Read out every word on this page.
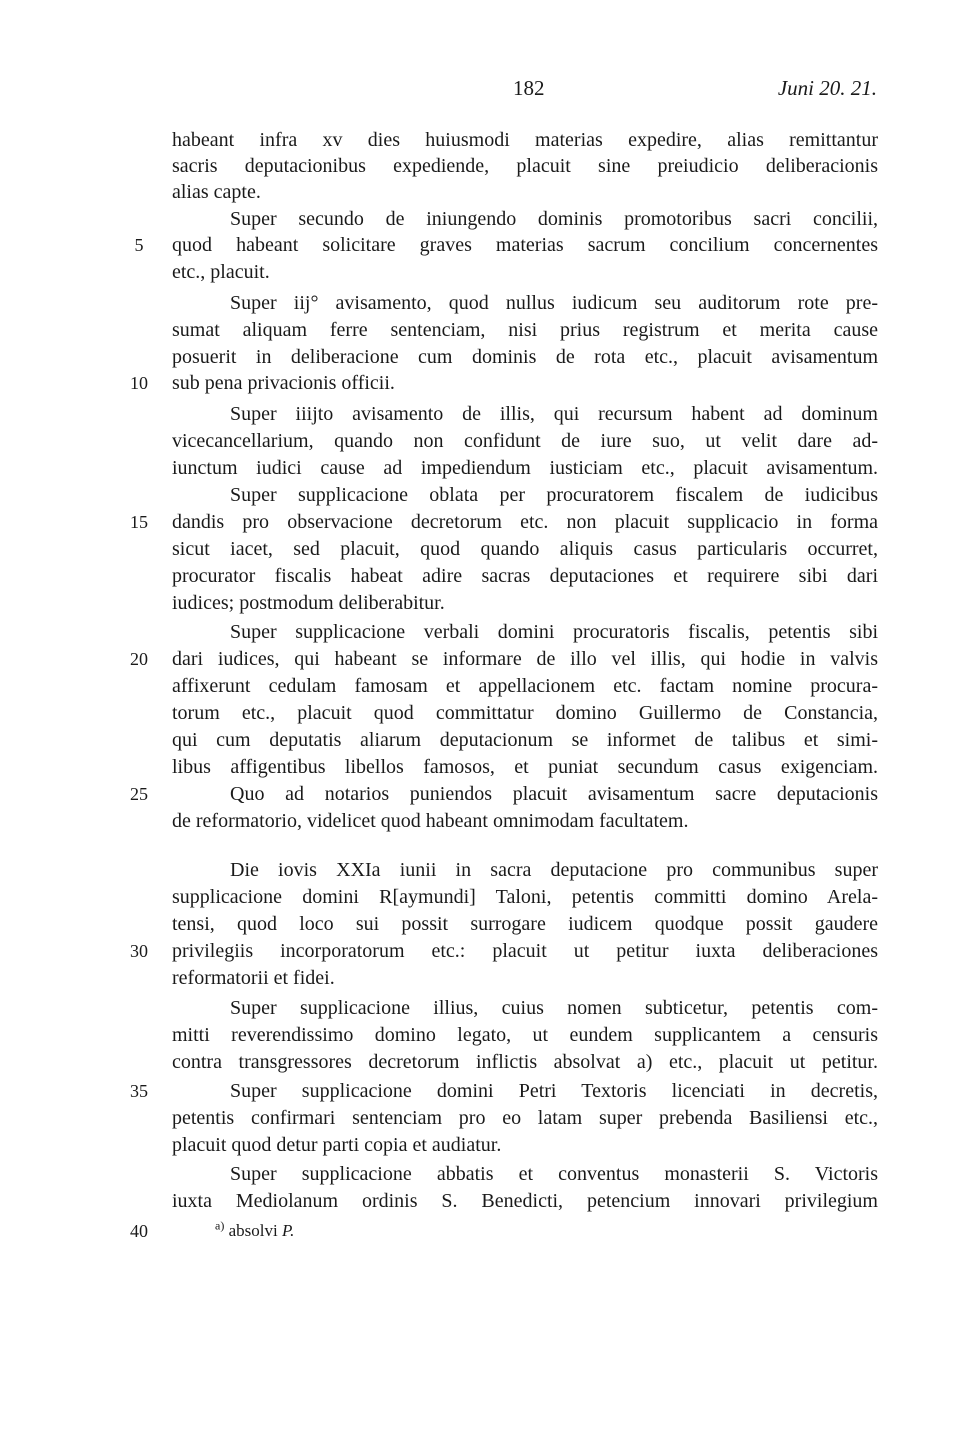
182	Juni 20. 21.
habeant infra xv dies huiusmodi materias expedire, alias remittantur
sacris deputacionibus expediende, placuit sine preiudicio deliberacionis
alias capte.
Super secundo de iniungendo dominis promotoribus sacri concilii,
quod habeant solicitare graves materias sacrum concilium concernentes
etc., placuit.
Super iij° avisamento, quod nullus iudicum seu auditorum rote pre-
sumat aliquam ferre sentenciam, nisi prius registrum et merita cause
posuerit in deliberacione cum dominis de rota etc., placuit avisamentum
sub pena privacionis officii.
Super iiijto avisamento de illis, qui recursum habent ad dominum
vicecancellarium, quando non confidunt de iure suo, ut velit dare ad-
iunctum iudici cause ad impediendum iusticiam etc., placuit avisamentum.
Super supplicacione oblata per procuratorem fiscalem de iudicibus
dandis pro observacione decretorum etc. non placuit supplicacio in forma
sicut iacet, sed placuit, quod quando aliquis casus particularis occurret,
procurator fiscalis habeat adire sacras deputaciones et requirere sibi dari
iudices; postmodum deliberabitur.
Super supplicacione verbali domini procuratoris fiscalis, petentis sibi
dari iudices, qui habeant se informare de illo vel illis, qui hodie in valvis
affixerunt cedulam famosam et appellacionem etc. factam nomine procura-
torum etc., placuit quod committatur domino Guillermo de Constancia,
qui cum deputatis aliarum deputacionum se informet de talibus et simi-
libus affigentibus libellos famosos, et puniat secundum casus exigenciam.
Quo ad notarios puniendos placuit avisamentum sacre deputacionis
de reformatorio, videlicet quod habeant omnimodam facultatem.
Die iovis XXIa iunii in sacra deputacione pro communibus super
supplicacione domini R[aymundi] Taloni, petentis committi domino Arela-
tensi, quod loco sui possit surrogare iudicem quodque possit gaudere
privilegiis incorporatorum etc.: placuit ut petitur iuxta deliberaciones
reformatorii et fidei.
Super supplicacione illius, cuius nomen subticetur, petentis com-
mitti reverendissimo domino legato, ut eundem supplicantem a censuris
contra transgressores decretorum inflictis absolvat a) etc., placuit ut petitur.
Super supplicacione domini Petri Textoris licenciati in decretis,
petentis confirmari sentenciam pro eo latam super prebenda Basiliensi etc.,
placuit quod detur parti copia et audiatur.
Super supplicacione abbatis et conventus monasterii S. Victoris
iuxta Mediolanum ordinis S. Benedicti, petencium innovari privilegium
5
10
15
20
25
30
35
40	$^{a)}$ absolvi P.
